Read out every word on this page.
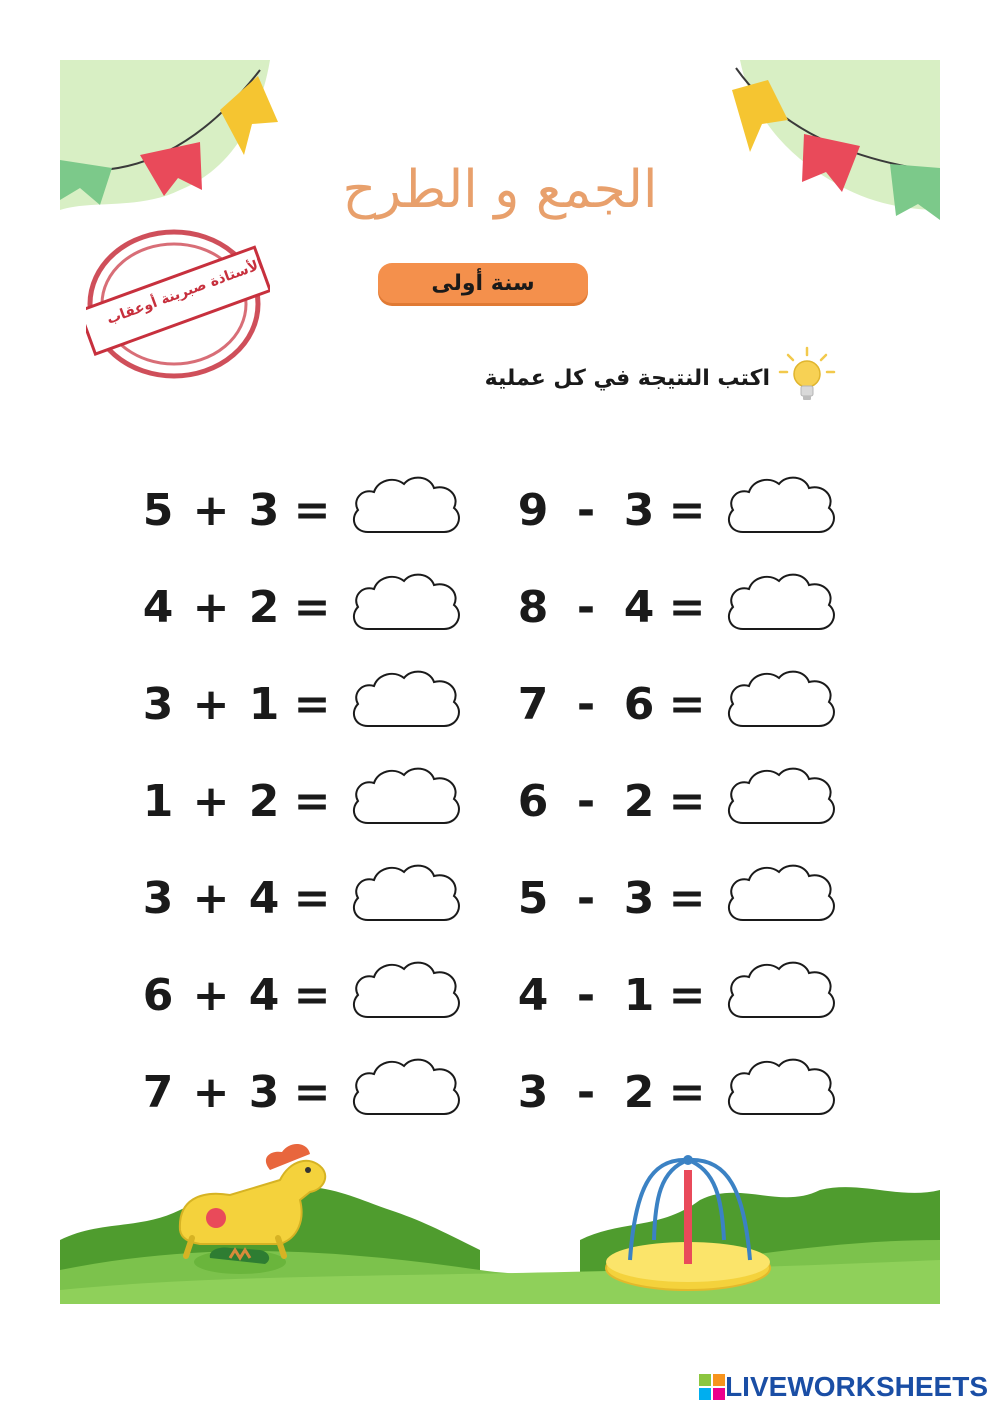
الجمع و الطرح
سنة أولى
الأستاذة صبرينة أوعقاب
اكتب النتيجة في كل عملية
5 + 3 =	9 - 3 =
4 + 2 =	8 - 4 =
3 + 1 =	7 - 6 =
1 + 2 =	6 - 2 =
3 + 4 =	5 - 3 =
6 + 4 =	4 - 1 =
7 + 3 =	3 - 2 =
LIVEWORKSHEETS
